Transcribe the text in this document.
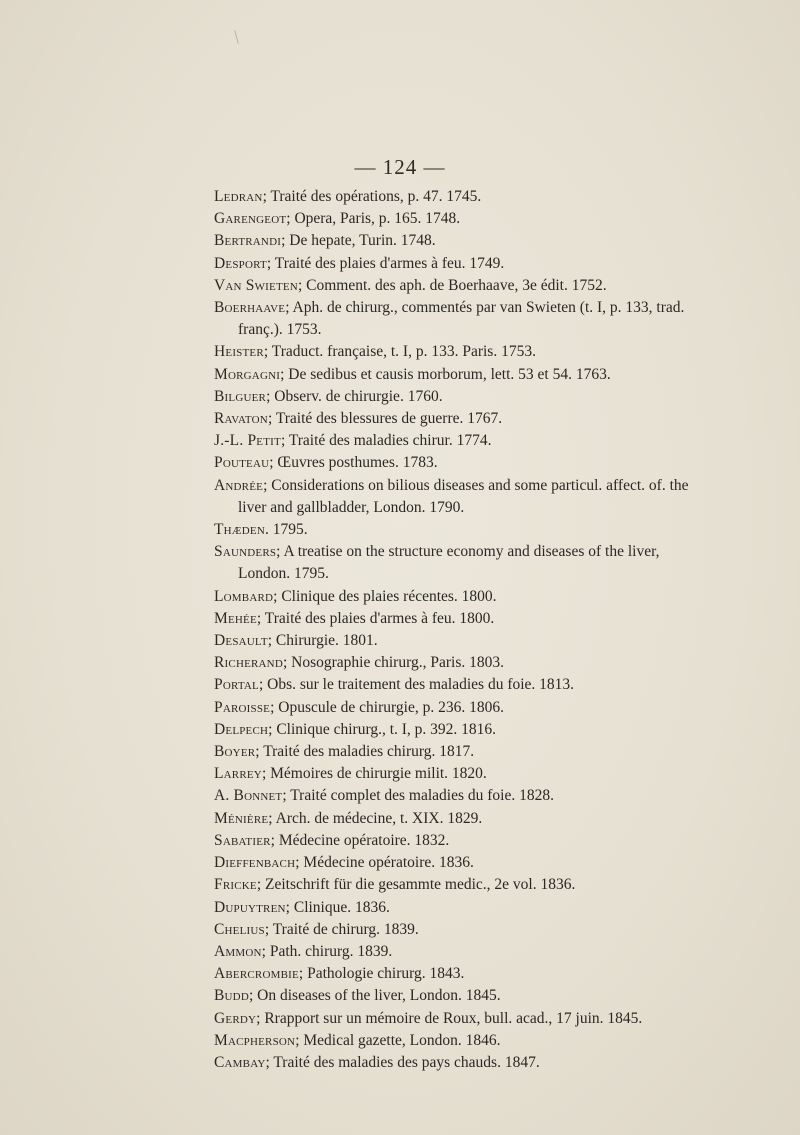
— 124 —

Ledran; Traité des opérations, p. 47. 1745.

Garengeot; Opera, Paris, p. 165. 1748.

Bertrandi; De hepate, Turin. 1748.

Desport; Traité des plaies d'armes à feu. 1749.

Van Swieten; Comment. des aph. de Boerhaave, 3e édit. 1752.

Boerhaave; Aph. de chirurg., commentés par van Swieten (t. I, p. 133, trad. franç.). 1753.

Heister; Traduct. française, t. I, p. 133. Paris. 1753.

Morgagni; De sedibus et causis morborum, lett. 53 et 54. 1763.

Bilguer; Observ. de chirurgie. 1760.

Ravaton; Traité des blessures de guerre. 1767.

J.-L. Petit; Traité des maladies chirur. 1774.

Pouteau; Œuvres posthumes. 1783.

Andrée; Considerations on bilious diseases and some particul. affect. of. the liver and gallbladder, London. 1790.

Thæden. 1795.

Saunders; A treatise on the structure economy and diseases of the liver, London. 1795.

Lombard; Clinique des plaies récentes. 1800.

Mehée; Traité des plaies d'armes à feu. 1800.

Desault; Chirurgie. 1801.

Richerand; Nosographie chirurg., Paris. 1803.

Portal; Obs. sur le traitement des maladies du foie. 1813.

Paroisse; Opuscule de chirurgie, p. 236. 1806.

Delpech; Clinique chirurg., t. I, p. 392. 1816.

Boyer; Traité des maladies chirurg. 1817.

Larrey; Mémoires de chirurgie milit. 1820.

A. Bonnet; Traité complet des maladies du foie. 1828.

Ménière; Arch. de médecine, t. XIX. 1829.

Sabatier; Médecine opératoire. 1832.

Dieffenbach; Médecine opératoire. 1836.

Fricke; Zeitschrift für die gesammte medic., 2e vol. 1836.

Dupuytren; Clinique. 1836.

Chelius; Traité de chirurg. 1839.

Ammon; Path. chirurg. 1839.

Abercrombie; Pathologie chirurg. 1843.

Budd; On diseases of the liver, London. 1845.

Gerdy; Rrapport sur un mémoire de Roux, bull. acad., 17 juin. 1845.

Macpherson; Medical gazette, London. 1846.

Cambay; Traité des maladies des pays chauds. 1847.
